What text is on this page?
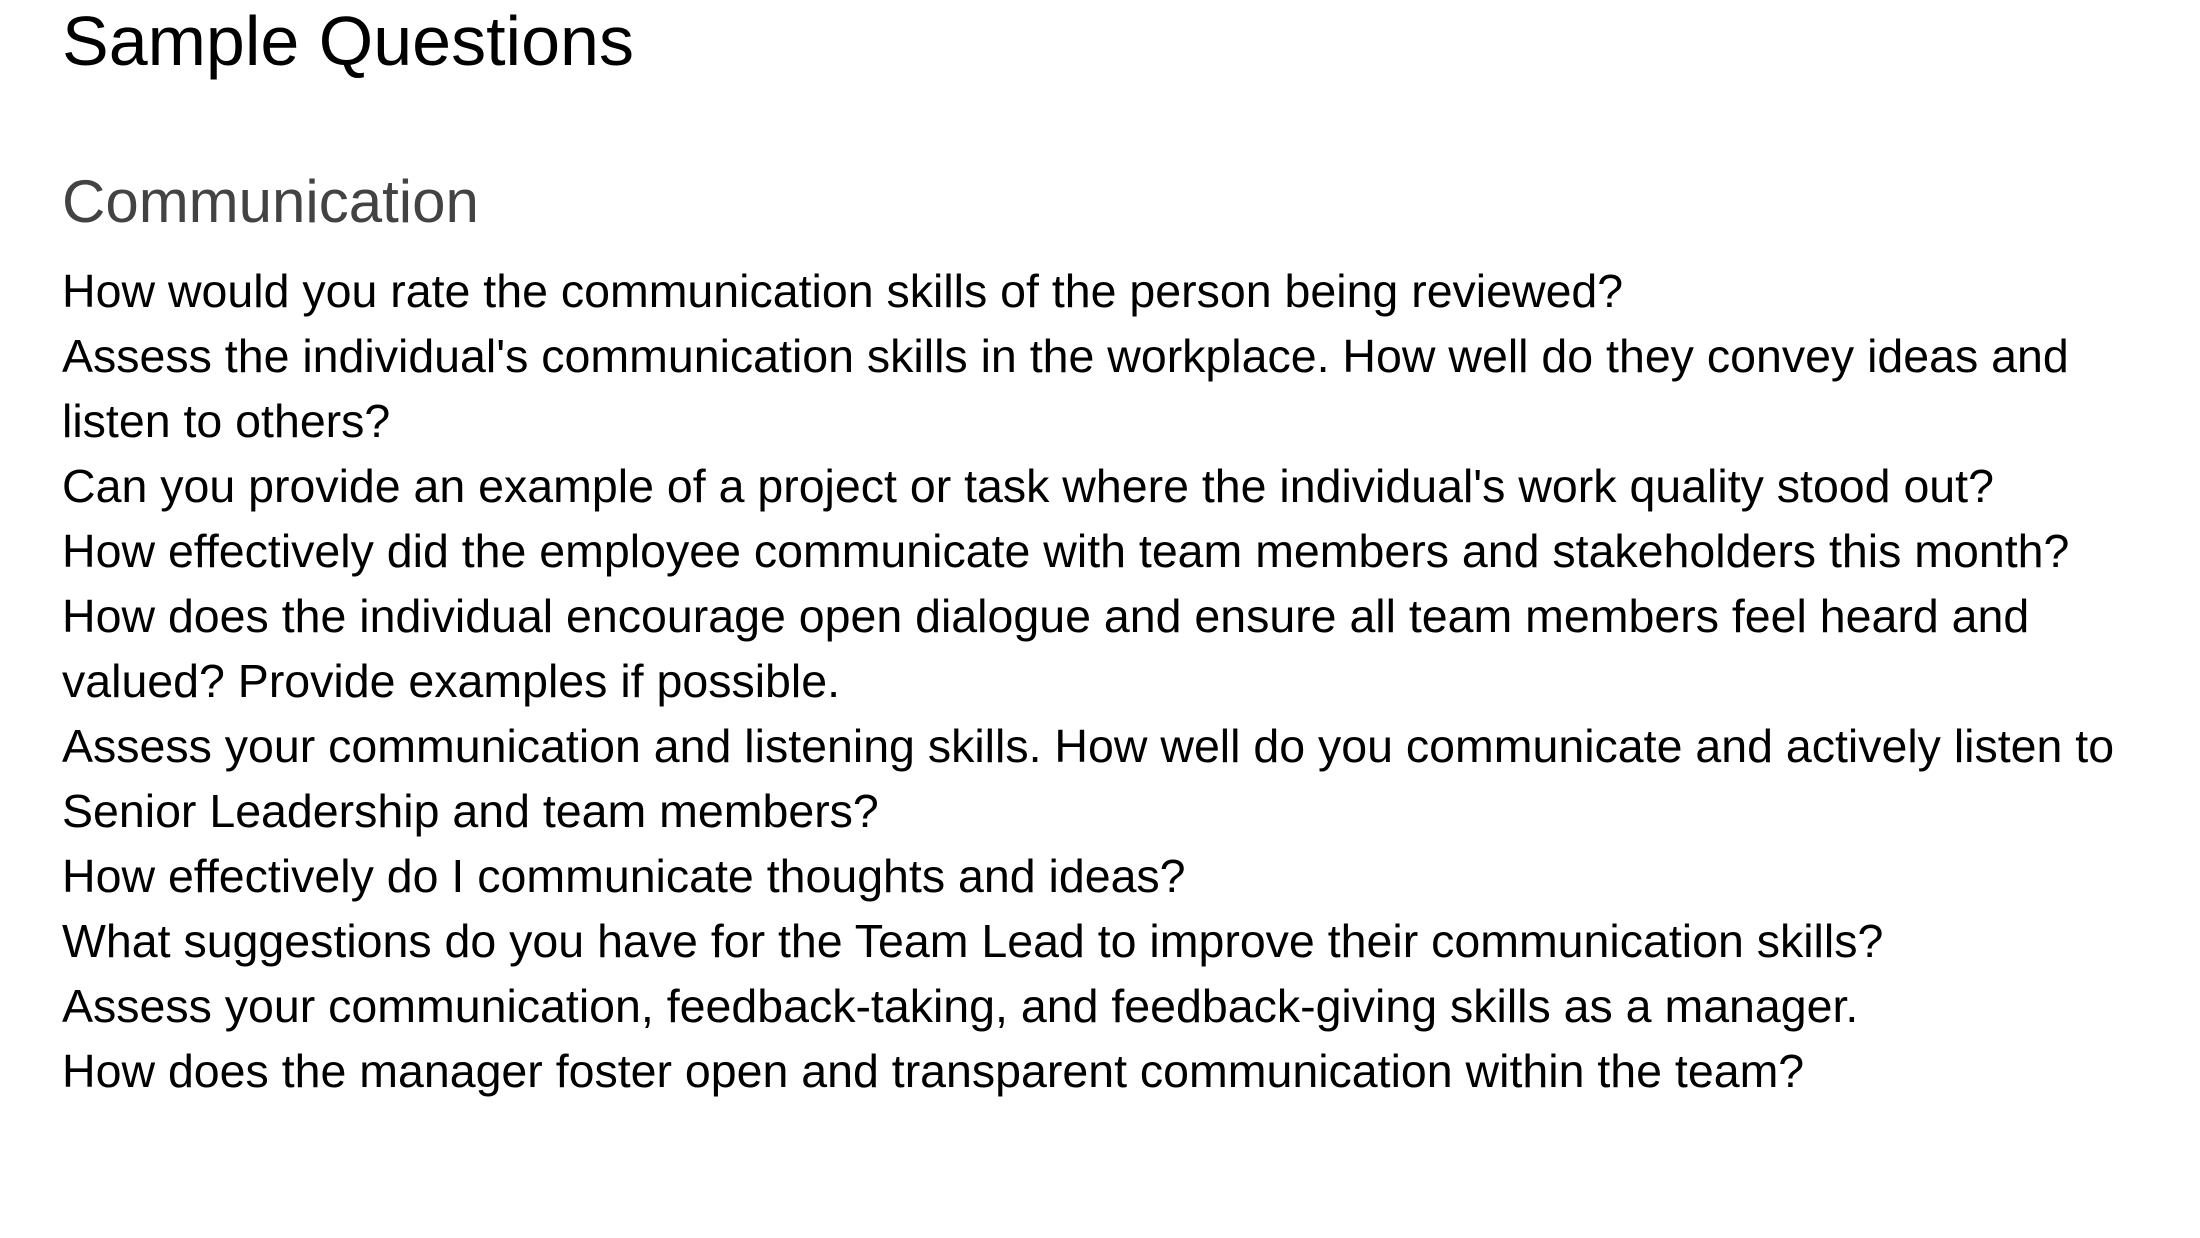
Sample Questions
Communication
How would you rate the communication skills of the person being reviewed?
Assess the individual's communication skills in the workplace. How well do they convey ideas and listen to others?
Can you provide an example of a project or task where the individual's work quality stood out?
How effectively did the employee communicate with team members and stakeholders this month?
How does the individual encourage open dialogue and ensure all team members feel heard and valued? Provide examples if possible.
Assess your communication and listening skills. How well do you communicate and actively listen to Senior Leadership and team members?
How effectively do I communicate thoughts and ideas?
What suggestions do you have for the Team Lead to improve their communication skills?
Assess your communication, feedback-taking, and feedback-giving skills as a manager.
How does the manager foster open and transparent communication within the team?
